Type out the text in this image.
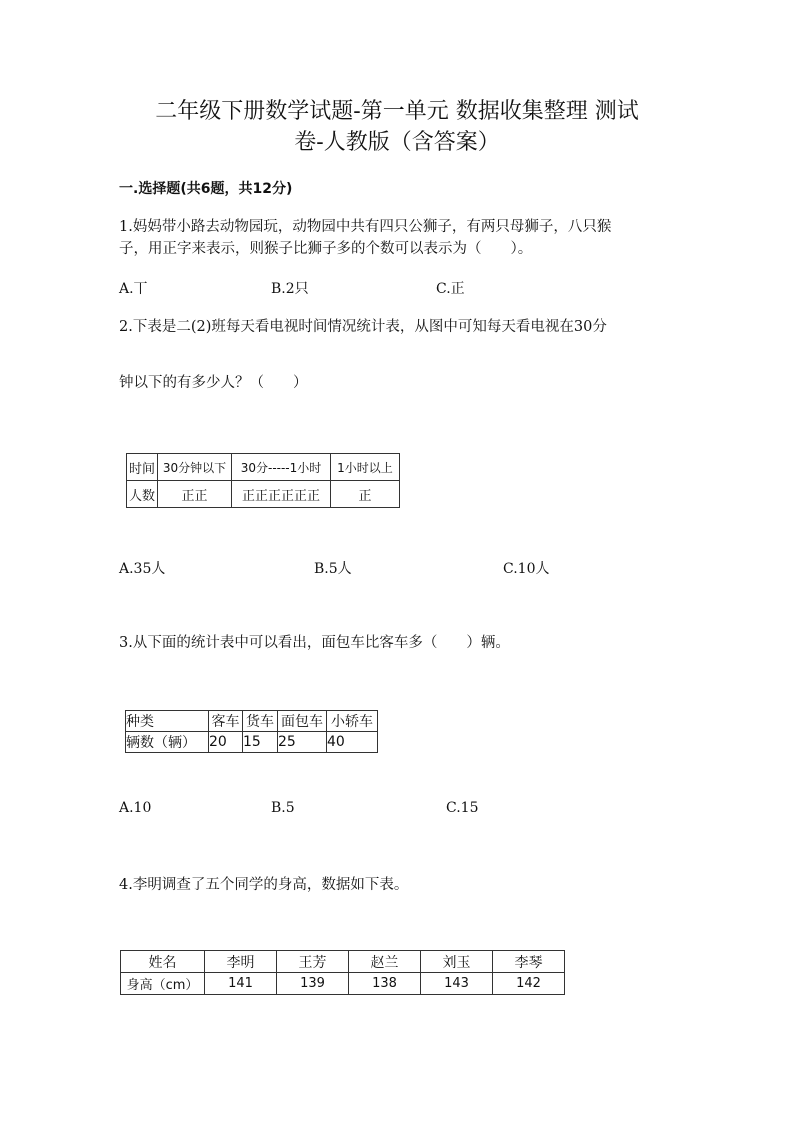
二年级下册数学试题-第一单元 数据收集整理 测试
卷-人教版（含答案）
一.选择题(共6题，共12分)
1.妈妈带小路去动物园玩，动物园中共有四只公狮子，有两只母狮子，八只猴
子，用正字来表示，则猴子比狮子多的个数可以表示为（　　）。
A.丅	B.2只	C.正
2.下表是二(2)班每天看电视时间情况统计表，从图中可知每天看电视在30分
钟以下的有多少人？（　　）
时间	30分钟以下	30分-----1小时	1小时以上
人数	正正	正正正正正正	正
A.35人	B.5人	C.10人
3.从下面的统计表中可以看出，面包车比客车多（　　）辆。
种类	客车	货车	面包车	小轿车
辆数（辆）	20	15	25	40
A.10	B.5	C.15
4.李明调查了五个同学的身高，数据如下表。
姓名	李明	王芳	赵兰	刘玉	李琴
身高（cm）	141	139	138	143	142
